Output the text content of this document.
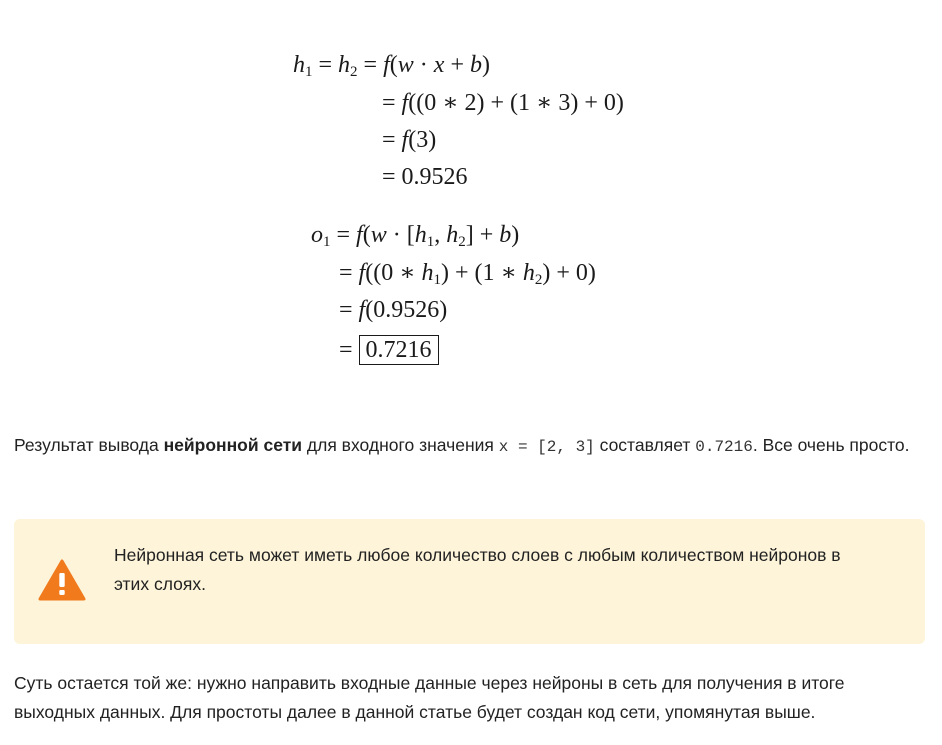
$h_1 = h_2 = f(w \cdot x + b)$
= f((0 ∗ 2) + (1 ∗ 3) + 0)
= f(3)
= 0.9526
$o_1 = f(w \cdot [h_1$, $h_2] + b$)
= f((0 ∗ $h_1) + (1$ ∗ $h_2) + 0$)
= f(0.9526)
= 0.7216

Результат вывода нейронной сети для входного значения x = [2, 3] составляет 0.7216. Все очень просто.

Нейронная сеть может иметь любое количество слоев с любым количеством нейронов в этих слоях.

Суть остается той же: нужно направить входные данные через нейроны в сеть для получения в итоге выходных данных. Для простоты далее в данной статье будет создан код сети, упомянутая выше.
